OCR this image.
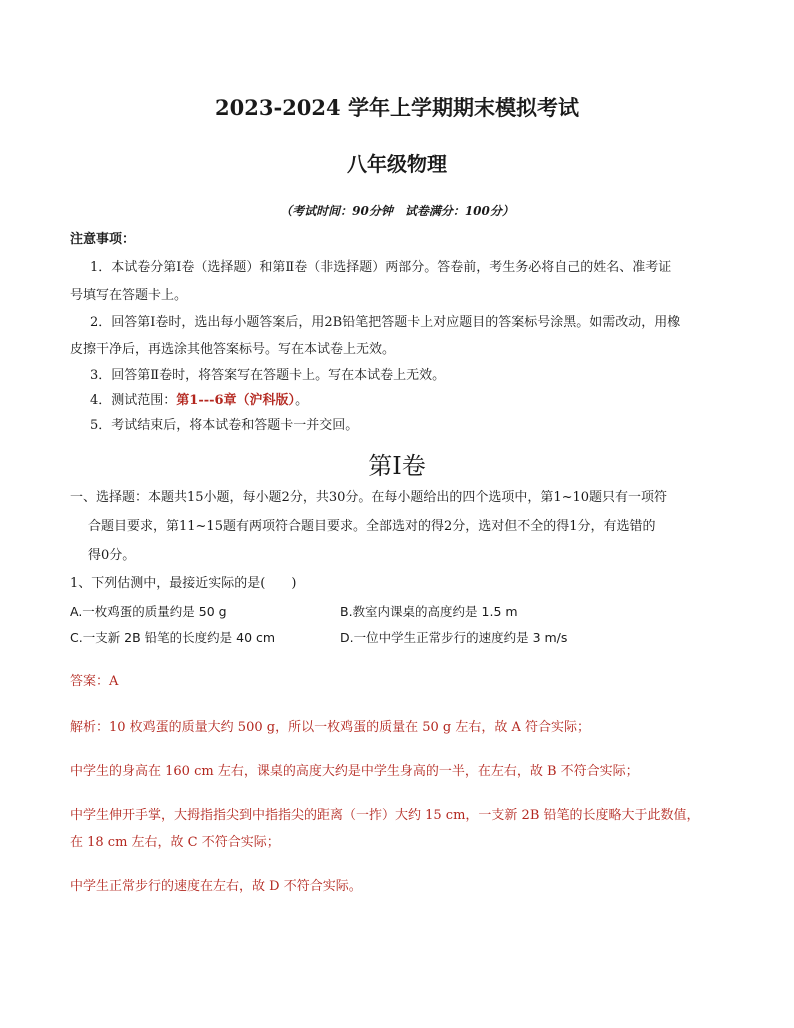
2023-2024 学年上学期期末模拟考试
八年级物理
（考试时间：90分钟　试卷满分：100分）
注意事项：
1．本试卷分第Ⅰ卷（选择题）和第Ⅱ卷（非选择题）两部分。答卷前，考生务必将自己的姓名、准考证
号填写在答题卡上。
2．回答第Ⅰ卷时，选出每小题答案后，用2B铅笔把答题卡上对应题目的答案标号涂黑。如需改动，用橡
皮擦干净后，再选涂其他答案标号。写在本试卷上无效。
3．回答第Ⅱ卷时，将答案写在答题卡上。写在本试卷上无效。
4．测试范围：第1---6章（沪科版）。
5．考试结束后，将本试卷和答题卡一并交回。
第Ⅰ卷
一、选择题：本题共15小题，每小题2分，共30分。在每小题给出的四个选项中，第1~10题只有一项符
合题目要求，第11~15题有两项符合题目要求。全部选对的得2分，选对但不全的得1分，有选错的
得0分。
1、下列估测中，最接近实际的是(　　)
A.一枚鸡蛋的质量约是 50 g	B.教室内课桌的高度约是 1.5 m
C.一支新 2B 铅笔的长度约是 40 cm	D.一位中学生正常步行的速度约是 3 m/s
答案：A
解析：10 枚鸡蛋的质量大约 500 g，所以一枚鸡蛋的质量在 50 g 左右，故 A 符合实际；
中学生的身高在 160 cm 左右，课桌的高度大约是中学生身高的一半，在左右，故 B 不符合实际；
中学生伸开手掌，大拇指指尖到中指指尖的距离（一拃）大约 15 cm，一支新 2B 铅笔的长度略大于此数值，
在 18 cm 左右，故 C 不符合实际；
中学生正常步行的速度在左右，故 D 不符合实际。
